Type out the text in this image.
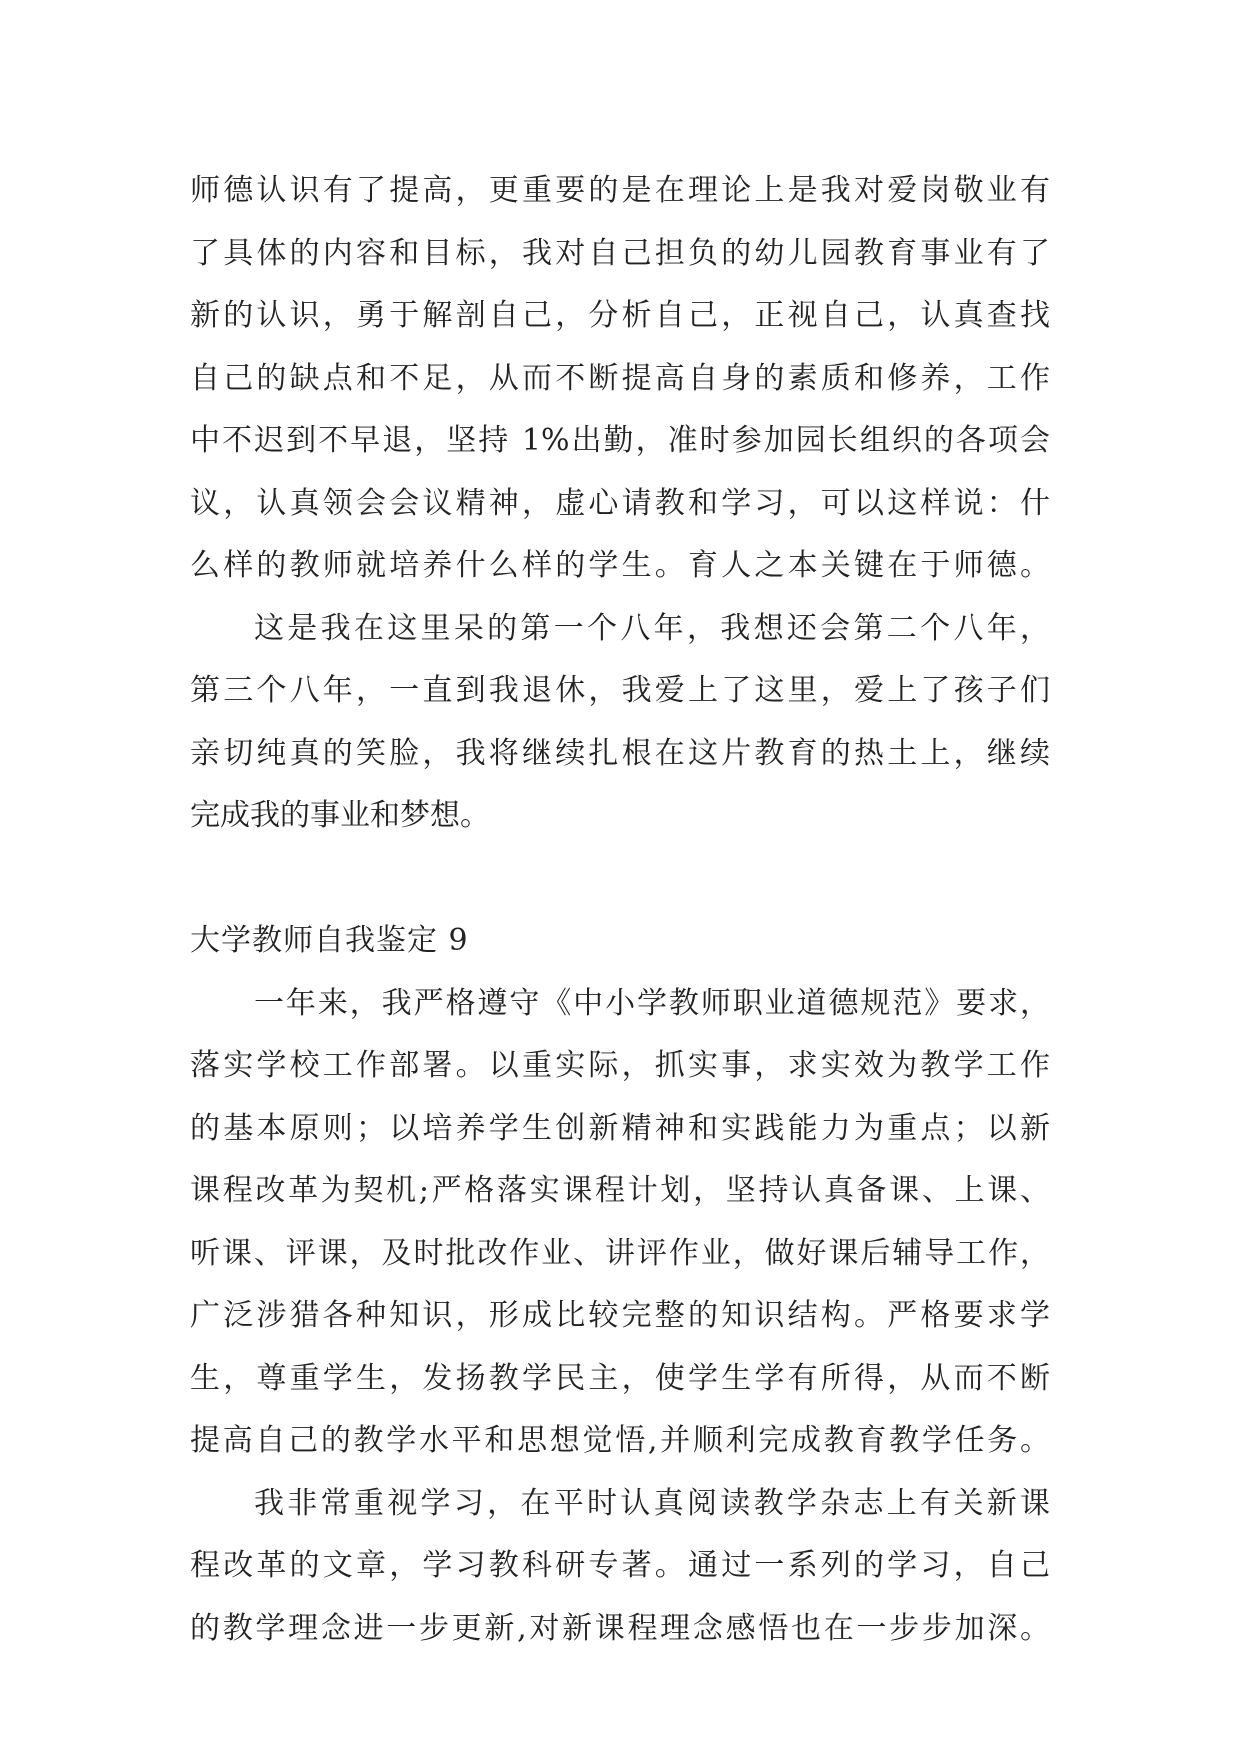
师德认识有了提高，更重要的是在理论上是我对爱岗敬业有
了具体的内容和目标，我对自己担负的幼儿园教育事业有了
新的认识，勇于解剖自己，分析自己，正视自己，认真查找
自己的缺点和不足，从而不断提高自身的素质和修养，工作
中不迟到不早退，坚持 1%出勤，准时参加园长组织的各项会
议，认真领会会议精神，虚心请教和学习，可以这样说：什
么样的教师就培养什么样的学生。育人之本关键在于师德。
这是我在这里呆的第一个八年，我想还会第二个八年，
第三个八年，一直到我退休，我爱上了这里，爱上了孩子们
亲切纯真的笑脸，我将继续扎根在这片教育的热土上，继续
完成我的事业和梦想。
大学教师自我鉴定 9
一年来，我严格遵守《中小学教师职业道德规范》要求，
落实学校工作部署。以重实际，抓实事，求实效为教学工作
的基本原则；以培养学生创新精神和实践能力为重点；以新
课程改革为契机;严格落实课程计划，坚持认真备课、上课、
听课、评课，及时批改作业、讲评作业，做好课后辅导工作，
广泛涉猎各种知识，形成比较完整的知识结构。严格要求学
生，尊重学生，发扬教学民主，使学生学有所得，从而不断
提高自己的教学水平和思想觉悟,并顺利完成教育教学任务。
我非常重视学习，在平时认真阅读教学杂志上有关新课
程改革的文章，学习教科研专著。通过一系列的学习，自己
的教学理念进一步更新,对新课程理念感悟也在一步步加深。
